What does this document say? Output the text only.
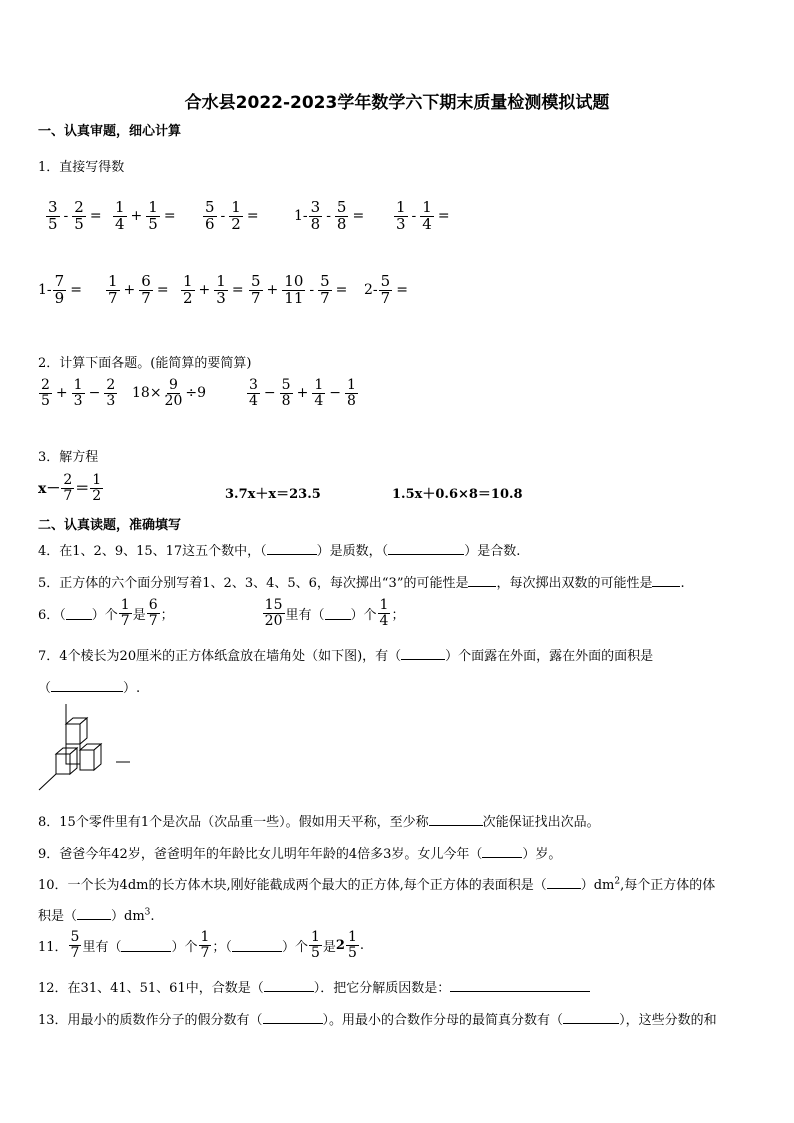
合水县2022-2023学年数学六下期末质量检测模拟试题
一、认真审题，细心计算
1．直接写得数
$\frac{3}{5} - \frac{2}{5} = \frac{1}{4} + \frac{1}{5} = \frac{5}{6} - \frac{1}{2}$ =	$1- \frac{3}{8} - \frac{5}{8} = \frac{1}{3} - \frac{1}{4}$ =
$1- \frac{7}{9} = \frac{1}{7} + \frac{6}{7} = \frac{1}{2} + \frac{1}{3} = \frac{5}{7} + \frac{10}{11} - \frac{5}{7} = 2- \frac{5}{7}$ =
2．计算下面各题。(能简算的要简算)
$\frac{2}{5} + \frac{1}{3} - \frac{2}{3} 18\times \frac{9}{20} \div 9$	$\frac{3}{4} - \frac{5}{8} + \frac{1}{4} - \frac{1}{8}$
3．解方程
$x- \frac{2}{7} = \frac{1}{2}$	3.7x＋x＝23.5	1.5x＋0.6×8＝10.8
二、认真读题，准确填写
4．在1、2、9、15、17这五个数中，（	）是质数，（	）是合数.
5．正方体的六个面分别写着1、2、3、4、5、6，每次掷出“3”的可能性是 ，每次掷出双数的可能性是 .
6．（ ）个 $\frac{1}{7}$ 是 $\frac{6}{7}$ ；	$\frac{15}{20}$ 里有（ ）个 $\frac{1}{4}$ ；
7．4个棱长为20厘米的正方体纸盒放在墙角处（如下图)，有（	）个面露在外面，露在外面的面积是
（	）.
8．15个零件里有1个是次品（次品重一些）。假如用天平称，至少称	次能保证找出次品。
9．爸爸今年42岁，爸爸明年的年龄比女儿明年年龄的4倍多3岁。女儿今年（	）岁。
10．一个长为4dm的长方体木块,刚好能截成两个最大的正方体,每个正方体的表面积是（	）$dm^2$,每个正方体的体
积是（	）$dm^3$.
11． $\frac{5}{7}$ 里有（	）个 $\frac{1}{7}$ ；（	）个 $\frac{1}{5}$ 是 $2 \frac{1}{5}$ .
12．在31、41、51、61中，合数是（	）．把它分解质因数是：
13．用最小的质数作分子的假分数有（	）。用最小的合数作分母的最简真分数有（	），这些分数的和
